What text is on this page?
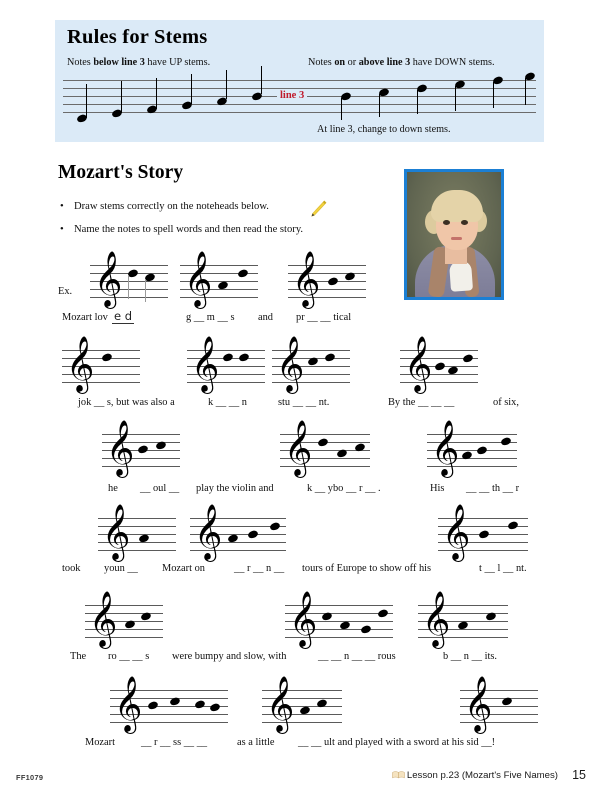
Rules for Stems
Notes below line 3 have UP stems.	Notes on or above line 3 have DOWN stems.
line 3
At line 3, change to down stems.
Mozart's Story
• Draw stems correctly on the noteheads below.
• Name the notes to spell words and then read the story.
Ex. 𝄞 𝄞 𝄞
𝄞 𝄞 𝄞 𝄞
𝄞	𝄞 𝄞
𝄞 𝄞	𝄞
𝄞	𝄞 𝄞
𝄞	𝄞	𝄞
Mozart lov e d	g __ m __ s and pr __ __ tical
jok __ s, but was also a	k __ __ n	stu __ __ nt.	By the __ __ __	of six,
he __ oul __ play the violin and	k __ ybo __ r __ .	His __ __ th __ r
took youn __ Mozart on	__ r __ n __ tours of Europe to show off his	t __ l __ nt.
The ro __ __ s were bumpy and slow, with	__ __ n __ __ rous	b __ n __ its.
Mozart __ r __ ss __ __	as a little __ __ ult and played with a sword at his sid __!
FF1079	Lesson p.23 (Mozart's Five Names) 15
